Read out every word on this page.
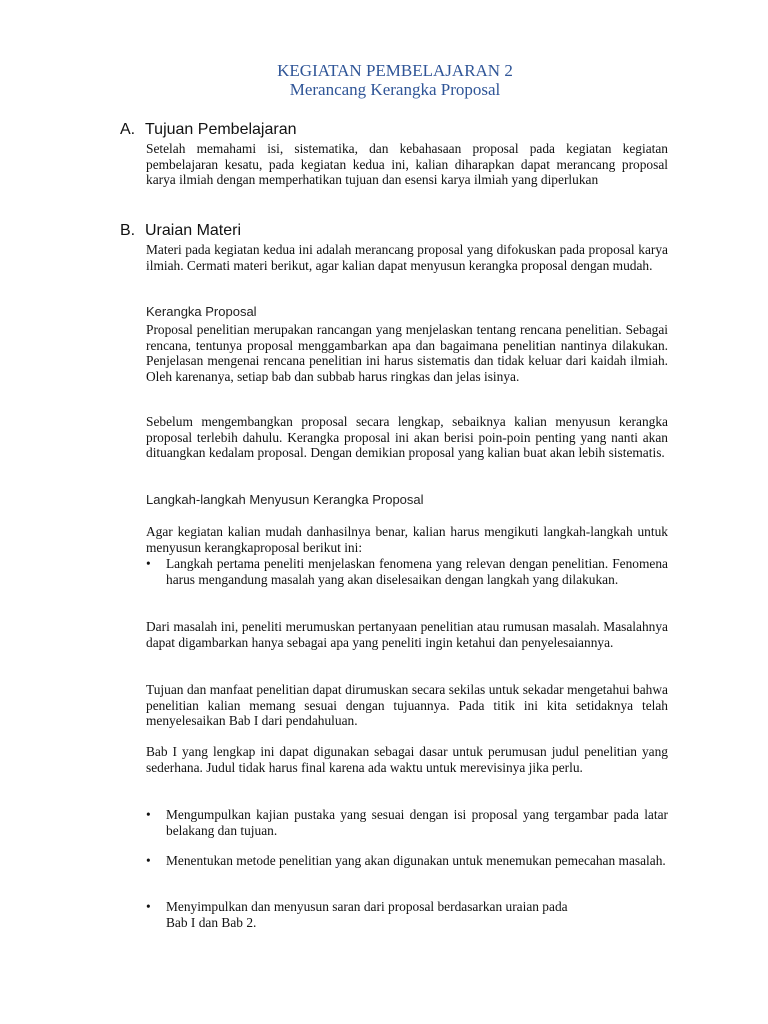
KEGIATAN PEMBELAJARAN 2
Merancang Kerangka Proposal
A. Tujuan Pembelajaran
Setelah memahami isi, sistematika, dan kebahasaan proposal pada kegiatan kegiatan pembelajaran kesatu, pada kegiatan kedua ini, kalian diharapkan dapat merancang proposal karya ilmiah dengan memperhatikan tujuan dan esensi karya ilmiah yang diperlukan
B. Uraian Materi
Materi pada kegiatan kedua ini adalah merancang proposal yang difokuskan pada proposal karya ilmiah. Cermati materi berikut, agar kalian dapat menyusun kerangka proposal dengan mudah.
Kerangka Proposal
Proposal penelitian merupakan rancangan yang menjelaskan tentang rencana penelitian. Sebagai rencana, tentunya proposal menggambarkan apa dan bagaimana penelitian nantinya dilakukan. Penjelasan mengenai rencana penelitian ini harus sistematis dan tidak keluar dari kaidah ilmiah. Oleh karenanya, setiap bab dan subbab harus ringkas dan jelas isinya.
Sebelum mengembangkan proposal secara lengkap, sebaiknya kalian menyusun kerangka proposal terlebih dahulu. Kerangka proposal ini akan berisi poin-poin penting yang nanti akan dituangkan kedalam proposal. Dengan demikian proposal yang kalian buat akan lebih sistematis.
Langkah-langkah Menyusun Kerangka Proposal
Agar kegiatan kalian mudah danhasilnya benar, kalian harus mengikuti langkah-langkah untuk menyusun kerangkaproposal berikut ini:
•	Langkah pertama peneliti menjelaskan fenomena yang relevan dengan penelitian. Fenomena harus mengandung masalah yang akan diselesaikan dengan langkah yang dilakukan.
Dari masalah ini, peneliti merumuskan pertanyaan penelitian atau rumusan masalah. Masalahnya dapat digambarkan hanya sebagai apa yang peneliti ingin ketahui dan penyelesaiannya.
Tujuan dan manfaat penelitian dapat dirumuskan secara sekilas untuk sekadar mengetahui bahwa penelitian kalian memang sesuai dengan tujuannya. Pada titik ini kita setidaknya telah menyelesaikan Bab I dari pendahuluan.
Bab I yang lengkap ini dapat digunakan sebagai dasar untuk perumusan judul penelitian yang sederhana. Judul tidak harus final karena ada waktu untuk merevisinya jika perlu.
•	Mengumpulkan kajian pustaka yang sesuai dengan isi proposal yang tergambar pada latar belakang dan tujuan.
•	Menentukan metode penelitian yang akan digunakan untuk menemukan pemecahan masalah.
•	Menyimpulkan dan menyusun saran dari proposal berdasarkan uraian pada
Bab I dan Bab 2.
